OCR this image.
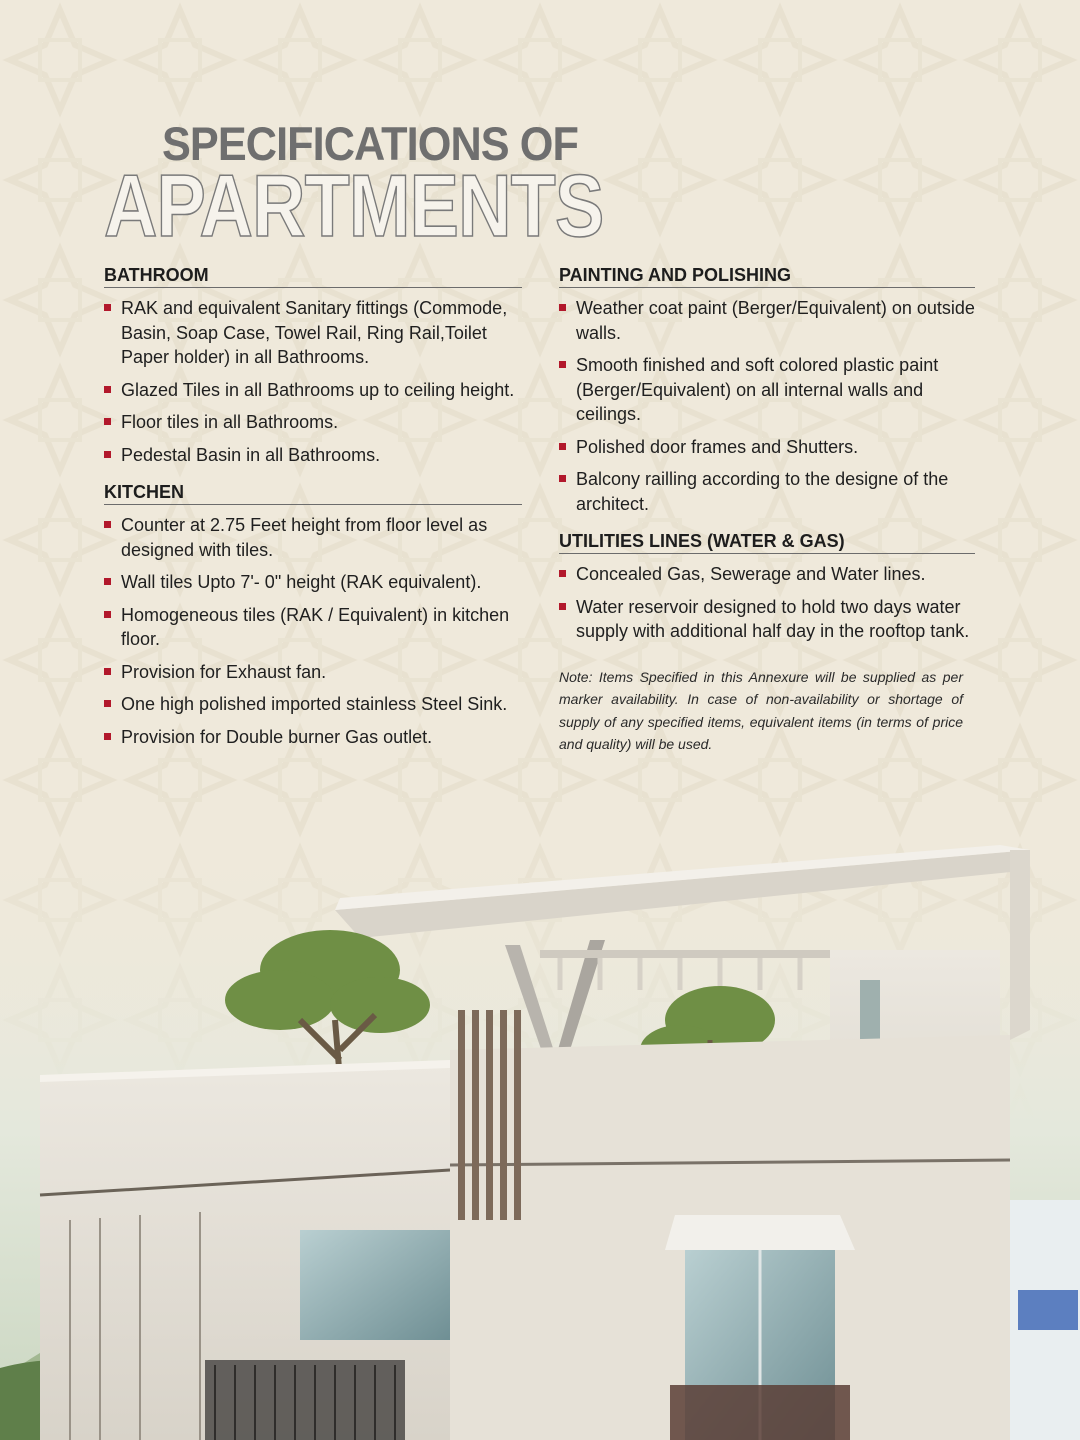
SPECIFICATIONS OF
APARTMENTS
BATHROOM
RAK and equivalent Sanitary fittings (Commode, Basin, Soap Case, Towel Rail, Ring Rail,Toilet Paper holder) in all Bathrooms.
Glazed Tiles in all Bathrooms up to ceiling height.
Floor tiles in all Bathrooms.
Pedestal Basin in all Bathrooms.
KITCHEN
Counter at 2.75 Feet height from floor level as designed with tiles.
Wall tiles Upto 7'- 0" height (RAK equivalent).
Homogeneous tiles (RAK / Equivalent) in kitchen floor.
Provision for Exhaust fan.
One high polished imported stainless Steel Sink.
Provision for Double burner Gas outlet.
PAINTING AND POLISHING
Weather coat paint (Berger/Equivalent) on outside walls.
Smooth finished and soft colored plastic paint (Berger/Equivalent) on all internal walls and ceilings.
Polished door frames and Shutters.
Balcony railling according to the designe of the architect.
UTILITIES LINES (WATER & GAS)
Concealed Gas, Sewerage and Water lines.
Water reservoir designed to hold two days water supply with additional half day in the rooftop tank.
Note: Items Specified in this Annexure will be supplied as per marker availability. In case of non-availability or shortage of supply of any specified items, equivalent items (in terms of price and quality) will be used.
